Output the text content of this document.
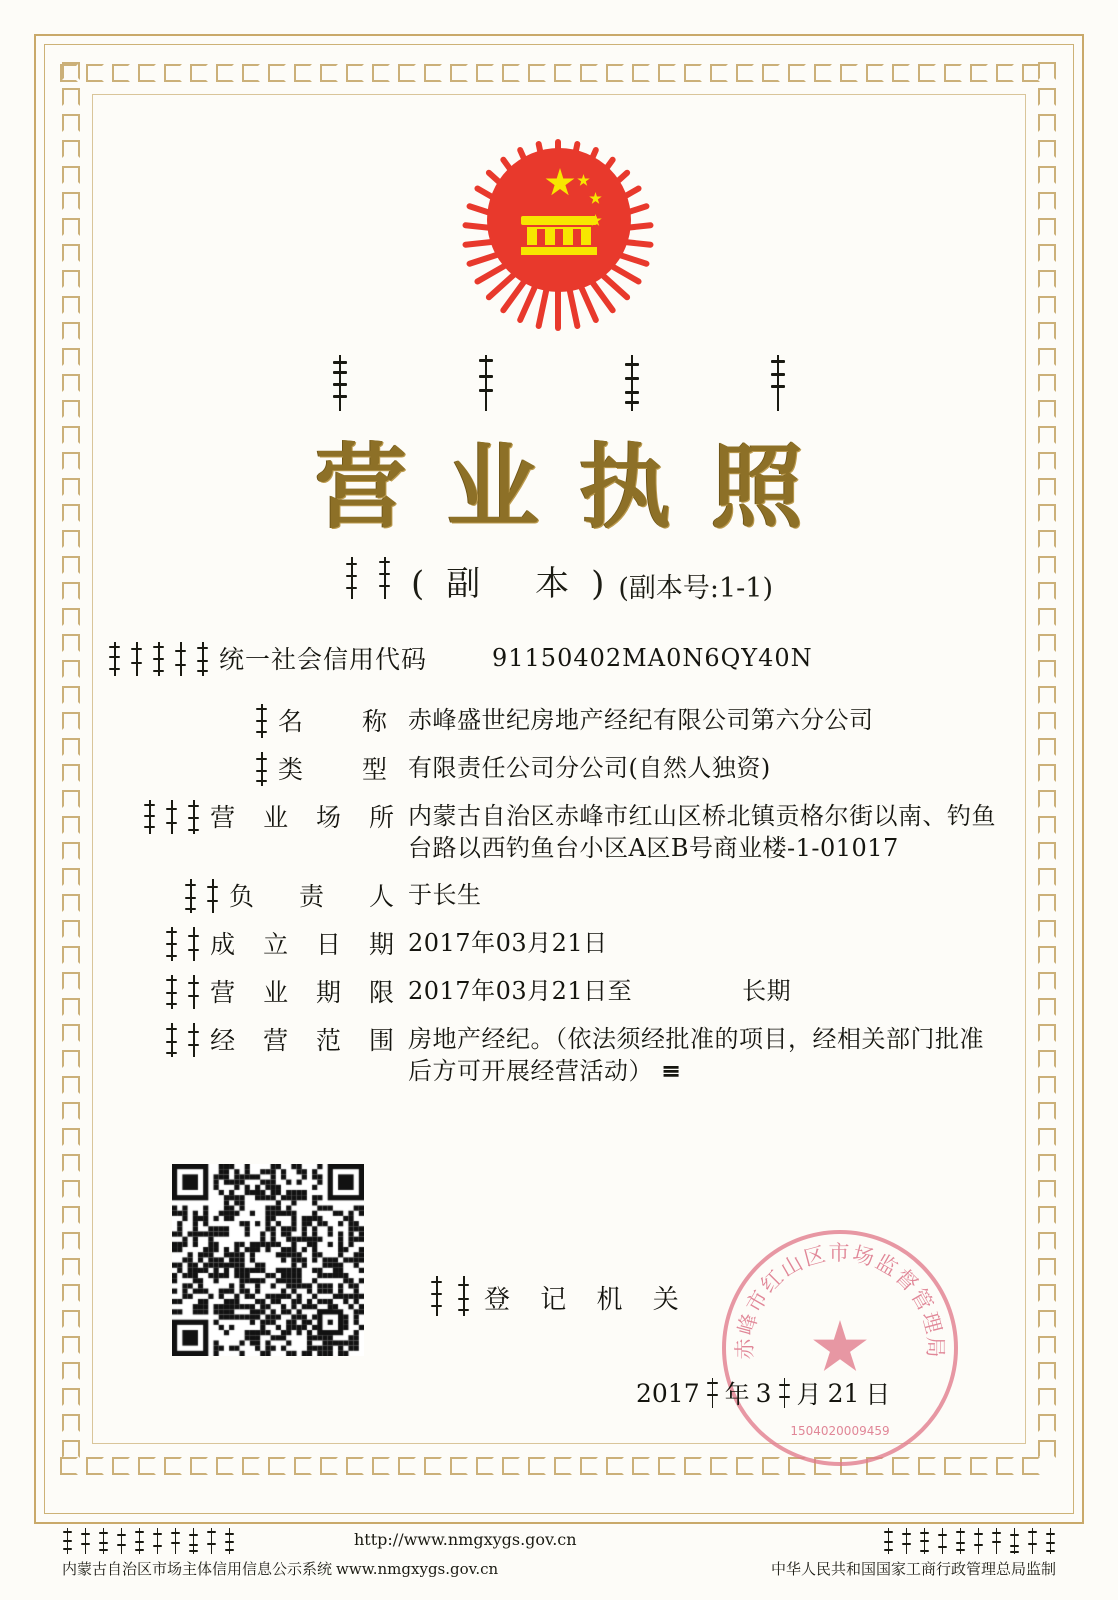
营业执照
(副 本)
(副本号:1-1)
统一社会信用代码	91150402MA0N6QY40N
名　称 赤峰盛世纪房地产经纪有限公司第六分公司
类　型 有限责任公司分公司(自然人独资)
营 业 场 所 内蒙古自治区赤峰市红山区桥北镇贡格尔街以南、钓鱼台路以西钓鱼台小区A区B号商业楼-1-01017
负　责　人 于长生
成 立 日 期 2017年03月21日
营 业 期 限 2017年03月21日至	长期
经 营 范 围 房地产经纪。（依法须经批准的项目，经相关部门批准后方可开展经营活动） ≡
登 记 机 关
赤峰市红山区市场监督管理局
1504020009459
2017 年 3 月 21 日
http://www.nmgxygs.gov.cn
内蒙古自治区市场主体信用信息公示系统 www.nmgxygs.gov.cn	中华人民共和国国家工商行政管理总局监制
